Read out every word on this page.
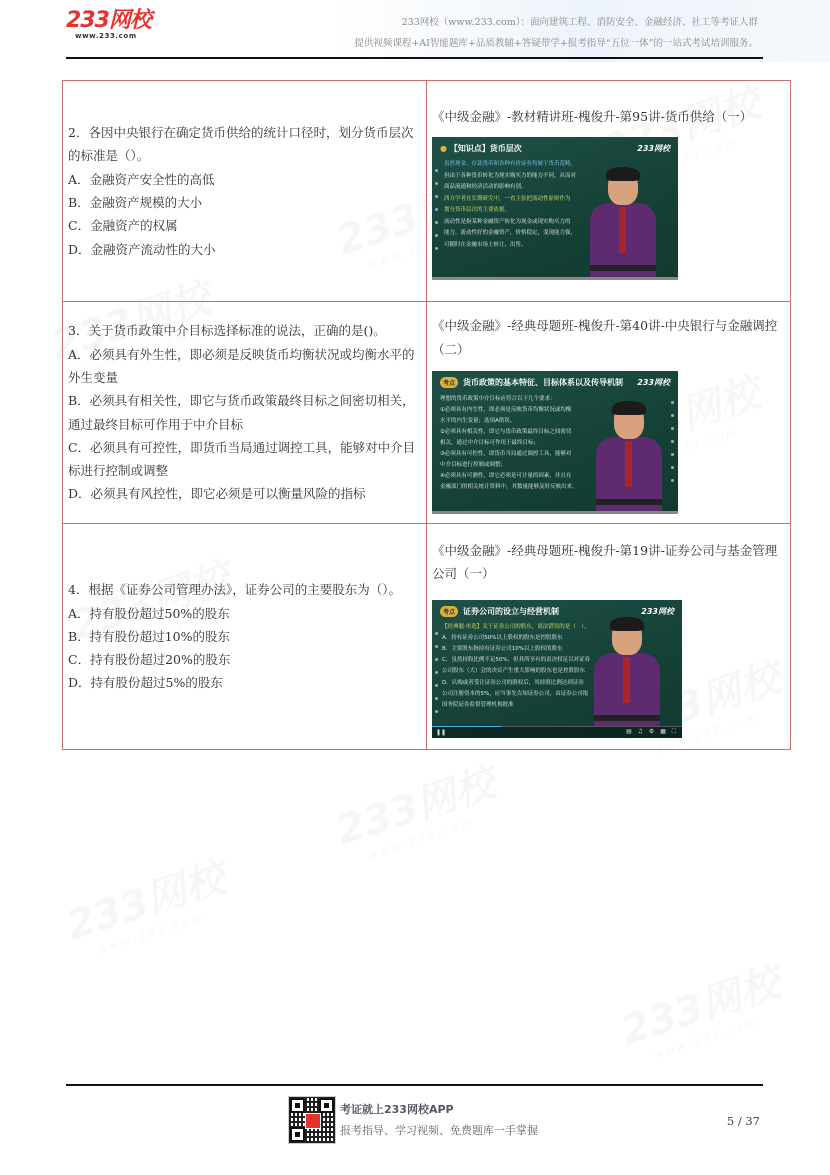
233网校
www.233.com
233网校（www.233.com）：面向建筑工程、消防安全、金融经济、社工等考证人群
提供视频课程+AI智能题库+品质教辅+答疑带学+报考指导“五位一体”的一站式考试培训服务。
2．各因中央银行在确定货币供给的统计口径时，划分货币层次的标准是（）。
A．金融资产安全性的高低
B．金融资产规模的大小
C．金融资产的权属
D．金融资产流动性的大小

《中级金融》-教材精讲班-槐俊升-第95讲-货币供给（一）
● 【知识点】货币层次	233网校
虽然现金、存款货币和各种有价证券均属于货币范畴，
但由于各种货币转化为现实购买力的能力不同，从而对
商品流通和经济活动的影响有别。
西方学者在长期研究中，一直主张把流动性原则作为
划分货币层次的主要依据。
流动性是指某种金融资产转化为现金或现实购买力的
能力。流动性好的金融资产，价格稳定，变现能力强，
可随时在金融市场上转让、出售。

3．关于货币政策中介目标选择标准的说法，正确的是()。
A．必须具有外生性，即必须是反映货币均衡状况或均衡水平的外生变量
B．必须具有相关性，即它与货币政策最终目标之间密切相关，通过最终目标可作用于中介目标
C．必须具有可控性，即货币当局通过调控工具，能够对中介目标进行控制或调整
D．必须具有风控性，即它必须是可以衡量风险的指标

《中级金融》-经典母题班-槐俊升-第40讲-中央银行与金融调控（二）
考点 货币政策的基本特征、目标体系以及传导机制 233网校
理想的货币政策中介目标应符合以下几个要求：
①必须具有内生性，即必须是反映货币均衡状况或均衡
水平的内生变量；选项A错误。
②必须具有相关性，即它与货币政策最终目标之间密切
相关，通过中介目标可作用于最终目标；
③必须具有可控性，即货币当局通过调控工具，能够对
中介目标进行控制或调整；
④必须具有可测性，即它必须是可计量的因素，并且在
金融部门的相关统计资料中，其数量能够及时反映出来。

4．根据《证券公司管理办法》，证券公司的主要股东为（）。
A．持有股份超过50%的股东
B．持有股份超过10%的股东
C．持有股份超过20%的股东
D．持有股份超过5%的股东

《中级金融》-经典母题班-槐俊升-第19讲-证券公司与基金管理公司（一）
考点 证券公司的设立与经营机制	233网校
【经典题·单选】关于证券公司的股东，说法错误的是（　）。
A．持有证券公司50%以上股权的股东是控股股东
B．主要股东指持有证券公司10%以上股权的股东
C．虽然持股比例不足50%，但其所享有的表决权足以对证券
公司股东（大）会的决议产生重大影响的股东也是控股股东
D．认购或者受让证券公司的股权后，其持股比例达到证券
公司注册资本的5%，应当事先告知证券公司，由证券公司报
国务院证券监督管理机构批准
❚❚	▤ ♫ ⚙ ▦ ⛶
考证就上233网校APP
报考指导、学习视频、免费题库一手掌握
5 / 37
